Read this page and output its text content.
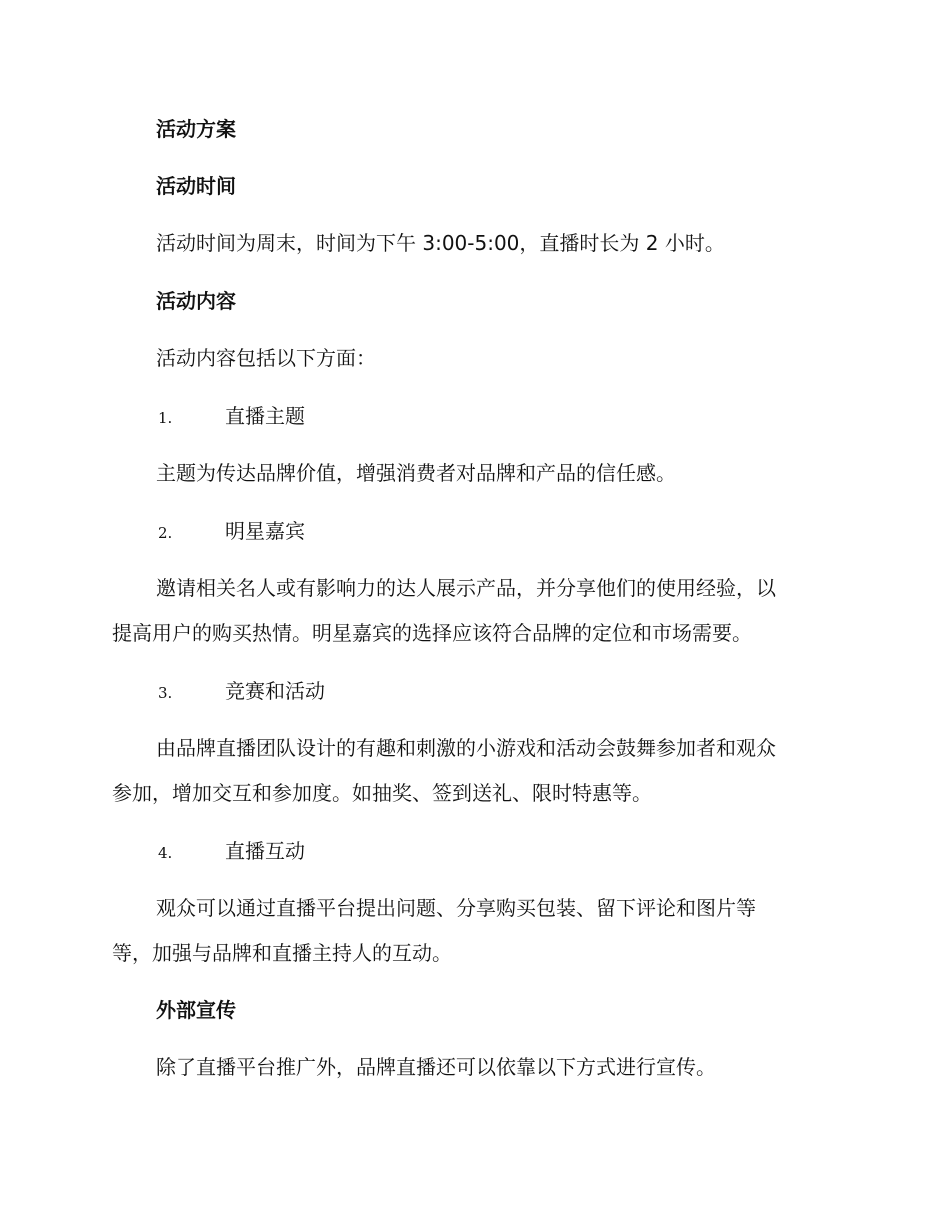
活动方案
活动时间
活动时间为周末，时间为下午 3:00-5:00，直播时长为 2 小时。
活动内容
活动内容包括以下方面：
1.	直播主题
主题为传达品牌价值，增强消费者对品牌和产品的信任感。
2.	明星嘉宾
邀请相关名人或有影响力的达人展示产品，并分享他们的使用经验，以
提高用户的购买热情。明星嘉宾的选择应该符合品牌的定位和市场需要。
3.	竞赛和活动
由品牌直播团队设计的有趣和刺激的小游戏和活动会鼓舞参加者和观众
参加，增加交互和参加度。如抽奖、签到送礼、限时特惠等。
4.	直播互动
观众可以通过直播平台提出问题、分享购买包装、留下评论和图片等
等，加强与品牌和直播主持人的互动。
外部宣传
除了直播平台推广外，品牌直播还可以依靠以下方式进行宣传。
